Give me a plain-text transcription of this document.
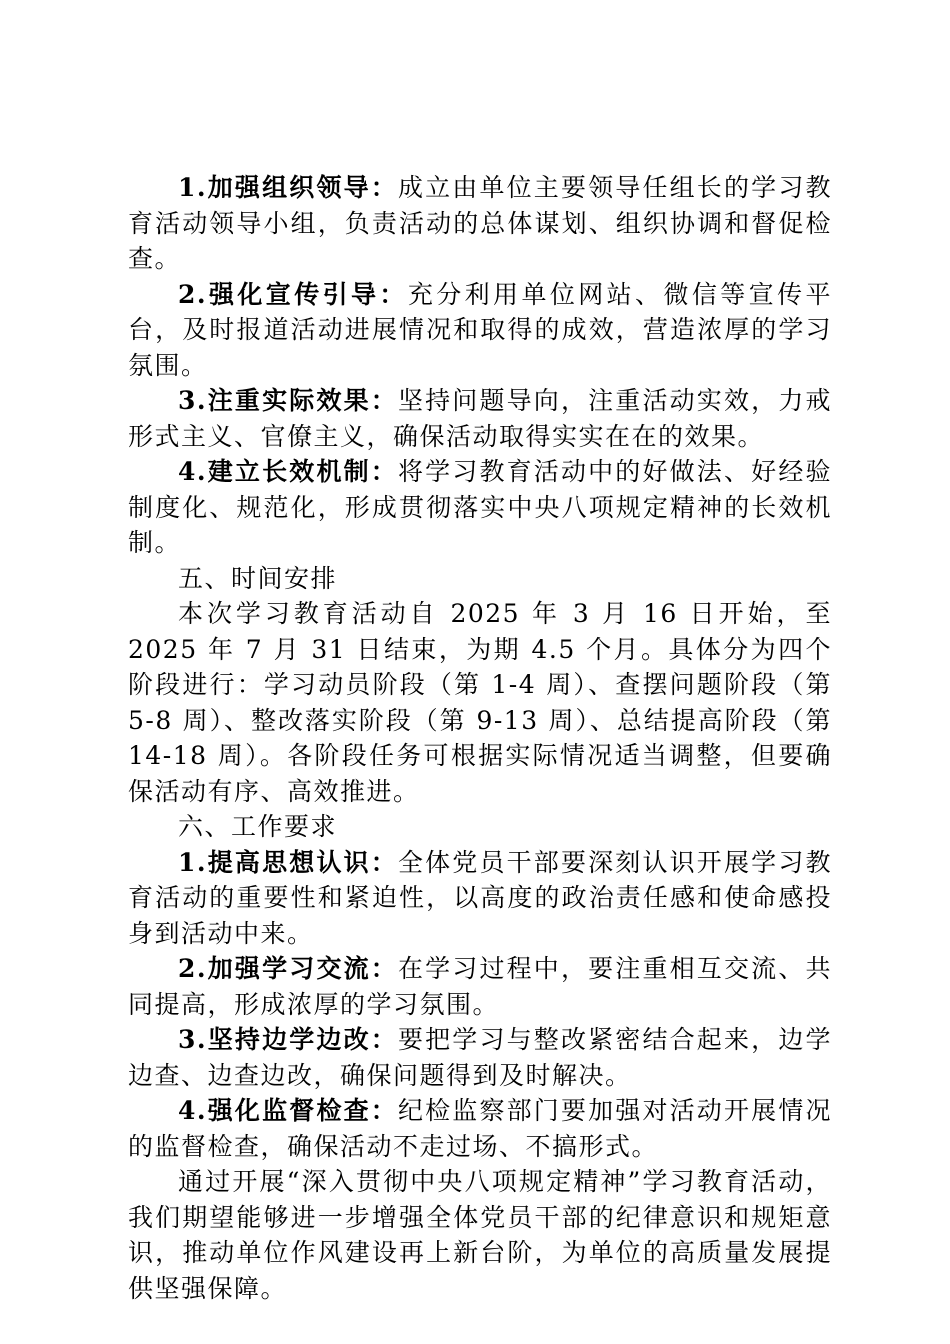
1.加强组织领导：成立由单位主要领导任组长的学习教育活动领导小组，负责活动的总体谋划、组织协调和督促检查。

2.强化宣传引导：充分利用单位网站、微信等宣传平台，及时报道活动进展情况和取得的成效，营造浓厚的学习氛围。

3.注重实际效果：坚持问题导向，注重活动实效，力戒形式主义、官僚主义，确保活动取得实实在在的效果。

4.建立长效机制：将学习教育活动中的好做法、好经验制度化、规范化，形成贯彻落实中央八项规定精神的长效机制。

五、时间安排

本次学习教育活动自 2025 年 3 月 16 日开始，至 2025 年 7 月 31 日结束，为期 4.5 个月。具体分为四个阶段进行：学习动员阶段（第 1-4 周）、查摆问题阶段（第 5-8 周）、整改落实阶段（第 9-13 周）、总结提高阶段（第 14-18 周）。各阶段任务可根据实际情况适当调整，但要确保活动有序、高效推进。

六、工作要求

1.提高思想认识：全体党员干部要深刻认识开展学习教育活动的重要性和紧迫性，以高度的政治责任感和使命感投身到活动中来。

2.加强学习交流：在学习过程中，要注重相互交流、共同提高，形成浓厚的学习氛围。

3.坚持边学边改：要把学习与整改紧密结合起来，边学边查、边查边改，确保问题得到及时解决。

4.强化监督检查：纪检监察部门要加强对活动开展情况的监督检查，确保活动不走过场、不搞形式。

通过开展“深入贯彻中央八项规定精神”学习教育活动，我们期望能够进一步增强全体党员干部的纪律意识和规矩意识，推动单位作风建设再上新台阶，为单位的高质量发展提供坚强保障。
